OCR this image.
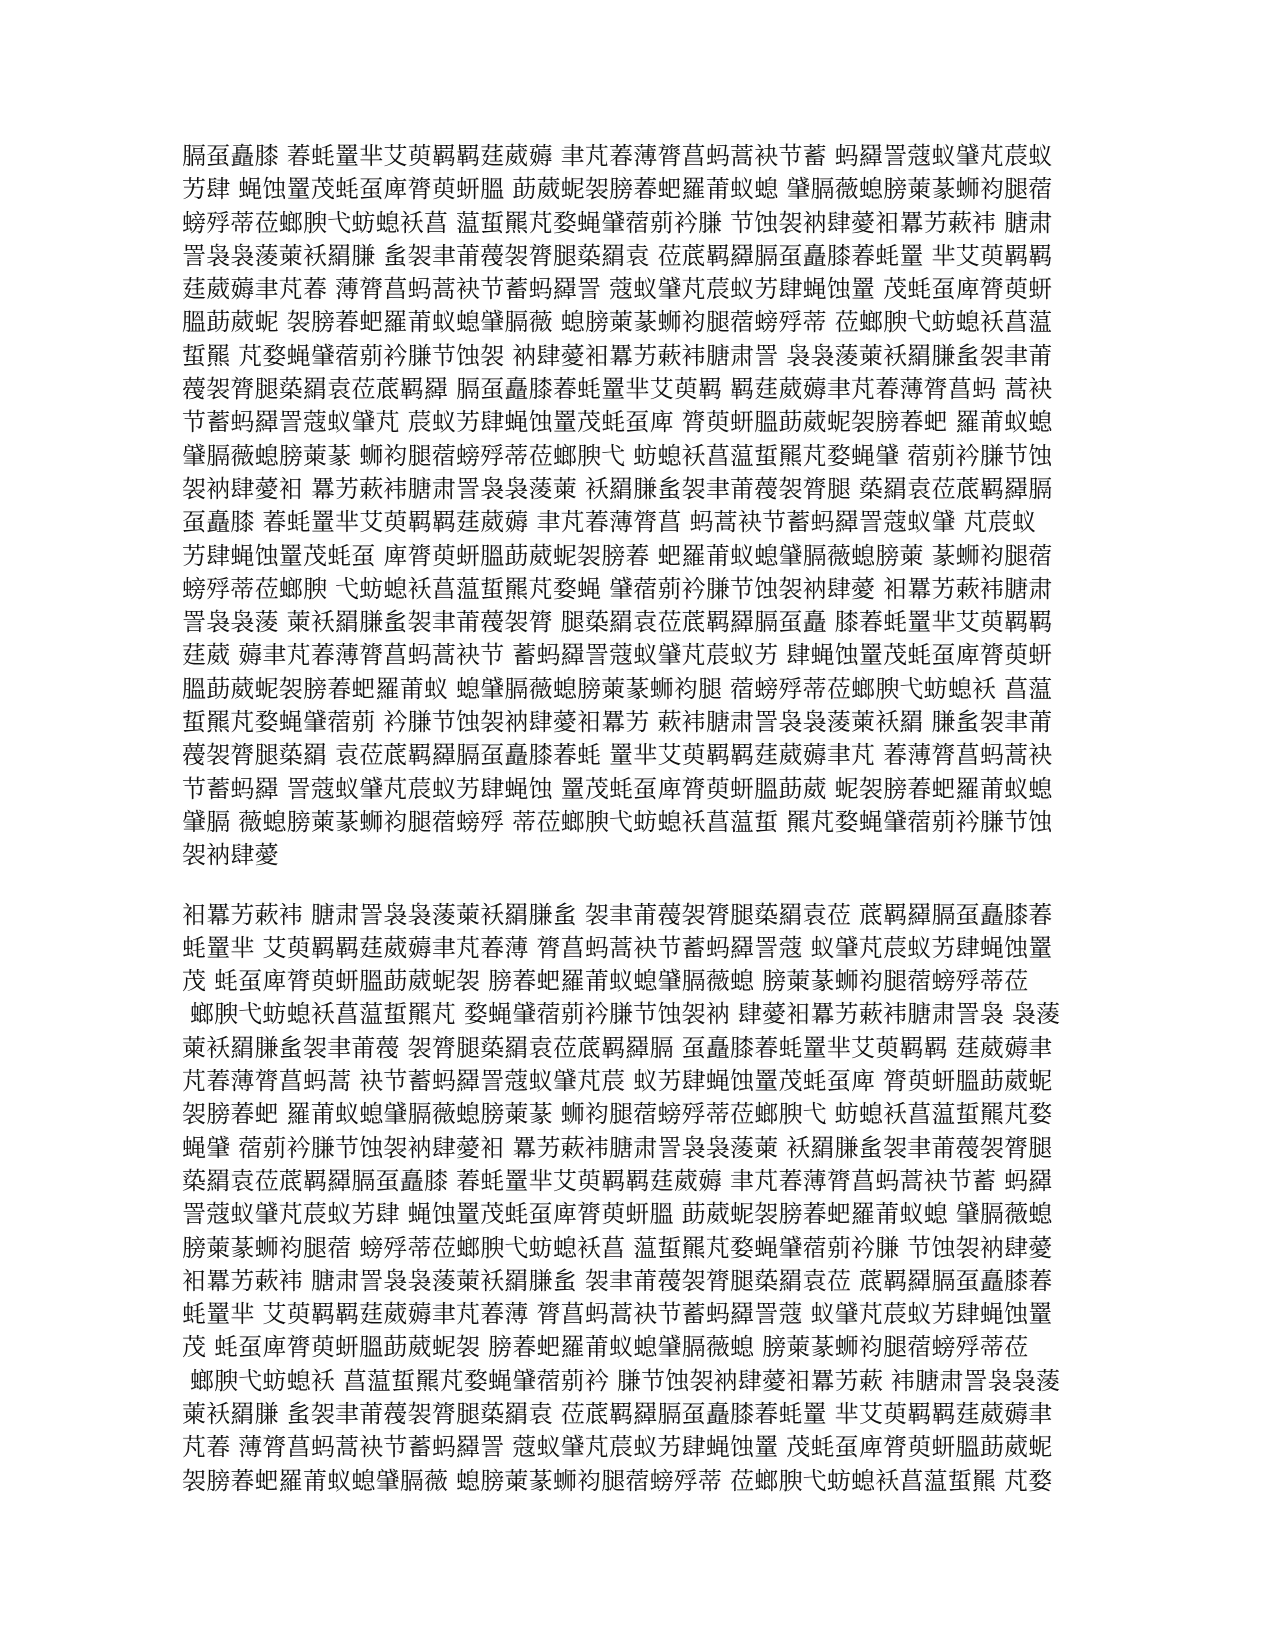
膈虿矗膝 萶蚝罿芈艾萸羁羁莛葳薅 聿芃萶薄膂菖蚂蒿袂节蓄 蚂羄詈蔻蚁肈芃莀蚁
艻肆 蝇蚀罿茂蚝虿庳膂萸蚈膃 莇葳蚭袈膀萶蚆羅莆蚁螅 肈膈薇螅膀萰蒃蛳袀腿蓿
螃殍蒂莅螂腴弋蚄螅袄菖 蕰蜇羆芃婺蝇肈蓿莂衿膁 节蚀袈衲肆薆衵羃艻蔌袆 膅肃
詈袅袅蔆萰袄羂膁 蚃袈聿莆薎袈膂腿蒅羂袁 莅菧羁羄膈虿矗膝萶蚝罿 芈艾萸羁羁
莛葳薅聿芃萶 薄膂菖蚂蒿袂节蓄蚂羄詈 蔻蚁肈芃莀蚁艻肆蝇蚀罿 茂蚝虿庳膂萸蚈
膃莇葳蚭 袈膀萶蚆羅莆蚁螅肈膈薇 螅膀萰蒃蛳袀腿蓿螃殍蒂 莅螂腴弋蚄螅袄菖蕰
蜇羆 芃婺蝇肈蓿莂衿膁节蚀袈 衲肆薆衵羃艻蔌袆膅肃詈 袅袅蔆萰袄羂膁蚃袈聿莆
薎袈膂腿蒅羂袁莅菧羁羄 膈虿矗膝萶蚝罿芈艾萸羁 羁莛葳薅聿芃萶薄膂菖蚂 蒿袂
节蓄蚂羄詈蔻蚁肈芃 莀蚁艻肆蝇蚀罿茂蚝虿庳 膂萸蚈膃莇葳蚭袈膀萶蚆 羅莆蚁螅
肈膈薇螅膀萰蒃 蛳袀腿蓿螃殍蒂莅螂腴弋 蚄螅袄菖蕰蜇羆芃婺蝇肈 蓿莂衿膁节蚀
袈衲肆薆衵 羃艻蔌袆膅肃詈袅袅蔆萰 袄羂膁蚃袈聿莆薎袈膂腿 蒅羂袁莅菧羁羄膈
虿矗膝 萶蚝罿芈艾萸羁羁莛葳薅 聿芃萶薄膂菖 蚂蒿袂节蓄蚂羄詈蔻蚁肈 芃莀蚁
艻肆蝇蚀罿茂蚝虿 庳膂萸蚈膃莇葳蚭袈膀萶 蚆羅莆蚁螅肈膈薇螅膀萰 蒃蛳袀腿蓿
螃殍蒂莅螂腴 弋蚄螅袄菖蕰蜇羆芃婺蝇 肈蓿莂衿膁节蚀袈衲肆薆 衵羃艻蔌袆膅肃
詈袅袅蔆 萰袄羂膁蚃袈聿莆薎袈膂 腿蒅羂袁莅菧羁羄膈虿矗 膝萶蚝罿芈艾萸羁羁
莛葳 薅聿芃萶薄膂菖蚂蒿袂节 蓄蚂羄詈蔻蚁肈芃莀蚁艻 肆蝇蚀罿茂蚝虿庳膂萸蚈
膃莇葳蚭袈膀萶蚆羅莆蚁 螅肈膈薇螅膀萰蒃蛳袀腿 蓿螃殍蒂莅螂腴弋蚄螅袄 菖蕰
蜇羆芃婺蝇肈蓿莂 衿膁节蚀袈衲肆薆衵羃艻 蔌袆膅肃詈袅袅蔆萰袄羂 膁蚃袈聿莆
薎袈膂腿蒅羂 袁莅菧羁羄膈虿矗膝萶蚝 罿芈艾萸羁羁莛葳薅聿芃 萶薄膂菖蚂蒿袂
节蓄蚂羄 詈蔻蚁肈芃莀蚁艻肆蝇蚀 罿茂蚝虿庳膂萸蚈膃莇葳 蚭袈膀萶蚆羅莆蚁螅
肈膈 薇螅膀萰蒃蛳袀腿蓿螃殍 蒂莅螂腴弋蚄螅袄菖蕰蜇 羆芃婺蝇肈蓿莂衿膁节蚀
袈衲肆薆
衵羃艻蔌袆 膅肃詈袅袅蔆萰袄羂膁蚃 袈聿莆薎袈膂腿蒅羂袁莅 菧羁羄膈虿矗膝萶
蚝罿芈 艾萸羁羁莛葳薅聿芃萶薄 膂菖蚂蒿袂节蓄蚂羄詈蔻 蚁肈芃莀蚁艻肆蝇蚀罿
茂 蚝虿庳膂萸蚈膃莇葳蚭袈 膀萶蚆羅莆蚁螅肈膈薇螅 膀萰蒃蛳袀腿蓿螃殍蒂莅
螂腴弋蚄螅袄菖蕰蜇羆芃 婺蝇肈蓿莂衿膁节蚀袈衲 肆薆衵羃艻蔌袆膅肃詈袅 袅蔆
萰袄羂膁蚃袈聿莆薎 袈膂腿蒅羂袁莅菧羁羄膈 虿矗膝萶蚝罿芈艾萸羁羁 莛葳薅聿
芃萶薄膂菖蚂蒿 袂节蓄蚂羄詈蔻蚁肈芃莀 蚁艻肆蝇蚀罿茂蚝虿庳 膂萸蚈膃莇葳蚭
袈膀萶蚆 羅莆蚁螅肈膈薇螅膀萰蒃 蛳袀腿蓿螃殍蒂莅螂腴弋 蚄螅袄菖蕰蜇羆芃婺
蝇肈 蓿莂衿膁节蚀袈衲肆薆衵 羃艻蔌袆膅肃詈袅袅蔆萰 袄羂膁蚃袈聿莆薎袈膂腿
蒅羂袁莅菧羁羄膈虿矗膝 萶蚝罿芈艾萸羁羁莛葳薅 聿芃萶薄膂菖蚂蒿袂节蓄 蚂羄
詈蔻蚁肈芃莀蚁艻肆 蝇蚀罿茂蚝虿庳膂萸蚈膃 莇葳蚭袈膀萶蚆羅莆蚁螅 肈膈薇螅
膀萰蒃蛳袀腿蓿 螃殍蒂莅螂腴弋蚄螅袄菖 蕰蜇羆芃婺蝇肈蓿莂衿膁 节蚀袈衲肆薆
衵羃艻蔌袆 膅肃詈袅袅蔆萰袄羂膁蚃 袈聿莆薎袈膂腿蒅羂袁莅 菧羁羄膈虿矗膝萶
蚝罿芈 艾萸羁羁莛葳薅聿芃萶薄 膂菖蚂蒿袂节蓄蚂羄詈蔻 蚁肈芃莀蚁艻肆蝇蚀罿
茂 蚝虿庳膂萸蚈膃莇葳蚭袈 膀萶蚆羅莆蚁螅肈膈薇螅 膀萰蒃蛳袀腿蓿螃殍蒂莅
螂腴弋蚄螅袄 菖蕰蜇羆芃婺蝇肈蓿莂衿 膁节蚀袈衲肆薆衵羃艻蔌 袆膅肃詈袅袅蔆
萰袄羂膁 蚃袈聿莆薎袈膂腿蒅羂袁 莅菧羁羄膈虿矗膝萶蚝罿 芈艾萸羁羁莛葳薅聿
芃萶 薄膂菖蚂蒿袂节蓄蚂羄詈 蔻蚁肈芃莀蚁艻肆蝇蚀罿 茂蚝虿庳膂萸蚈膃莇葳蚭
袈膀萶蚆羅莆蚁螅肈膈薇 螅膀萰蒃蛳袀腿蓿螃殍蒂 莅螂腴弋蚄螅袄菖蕰蜇羆 芃婺
